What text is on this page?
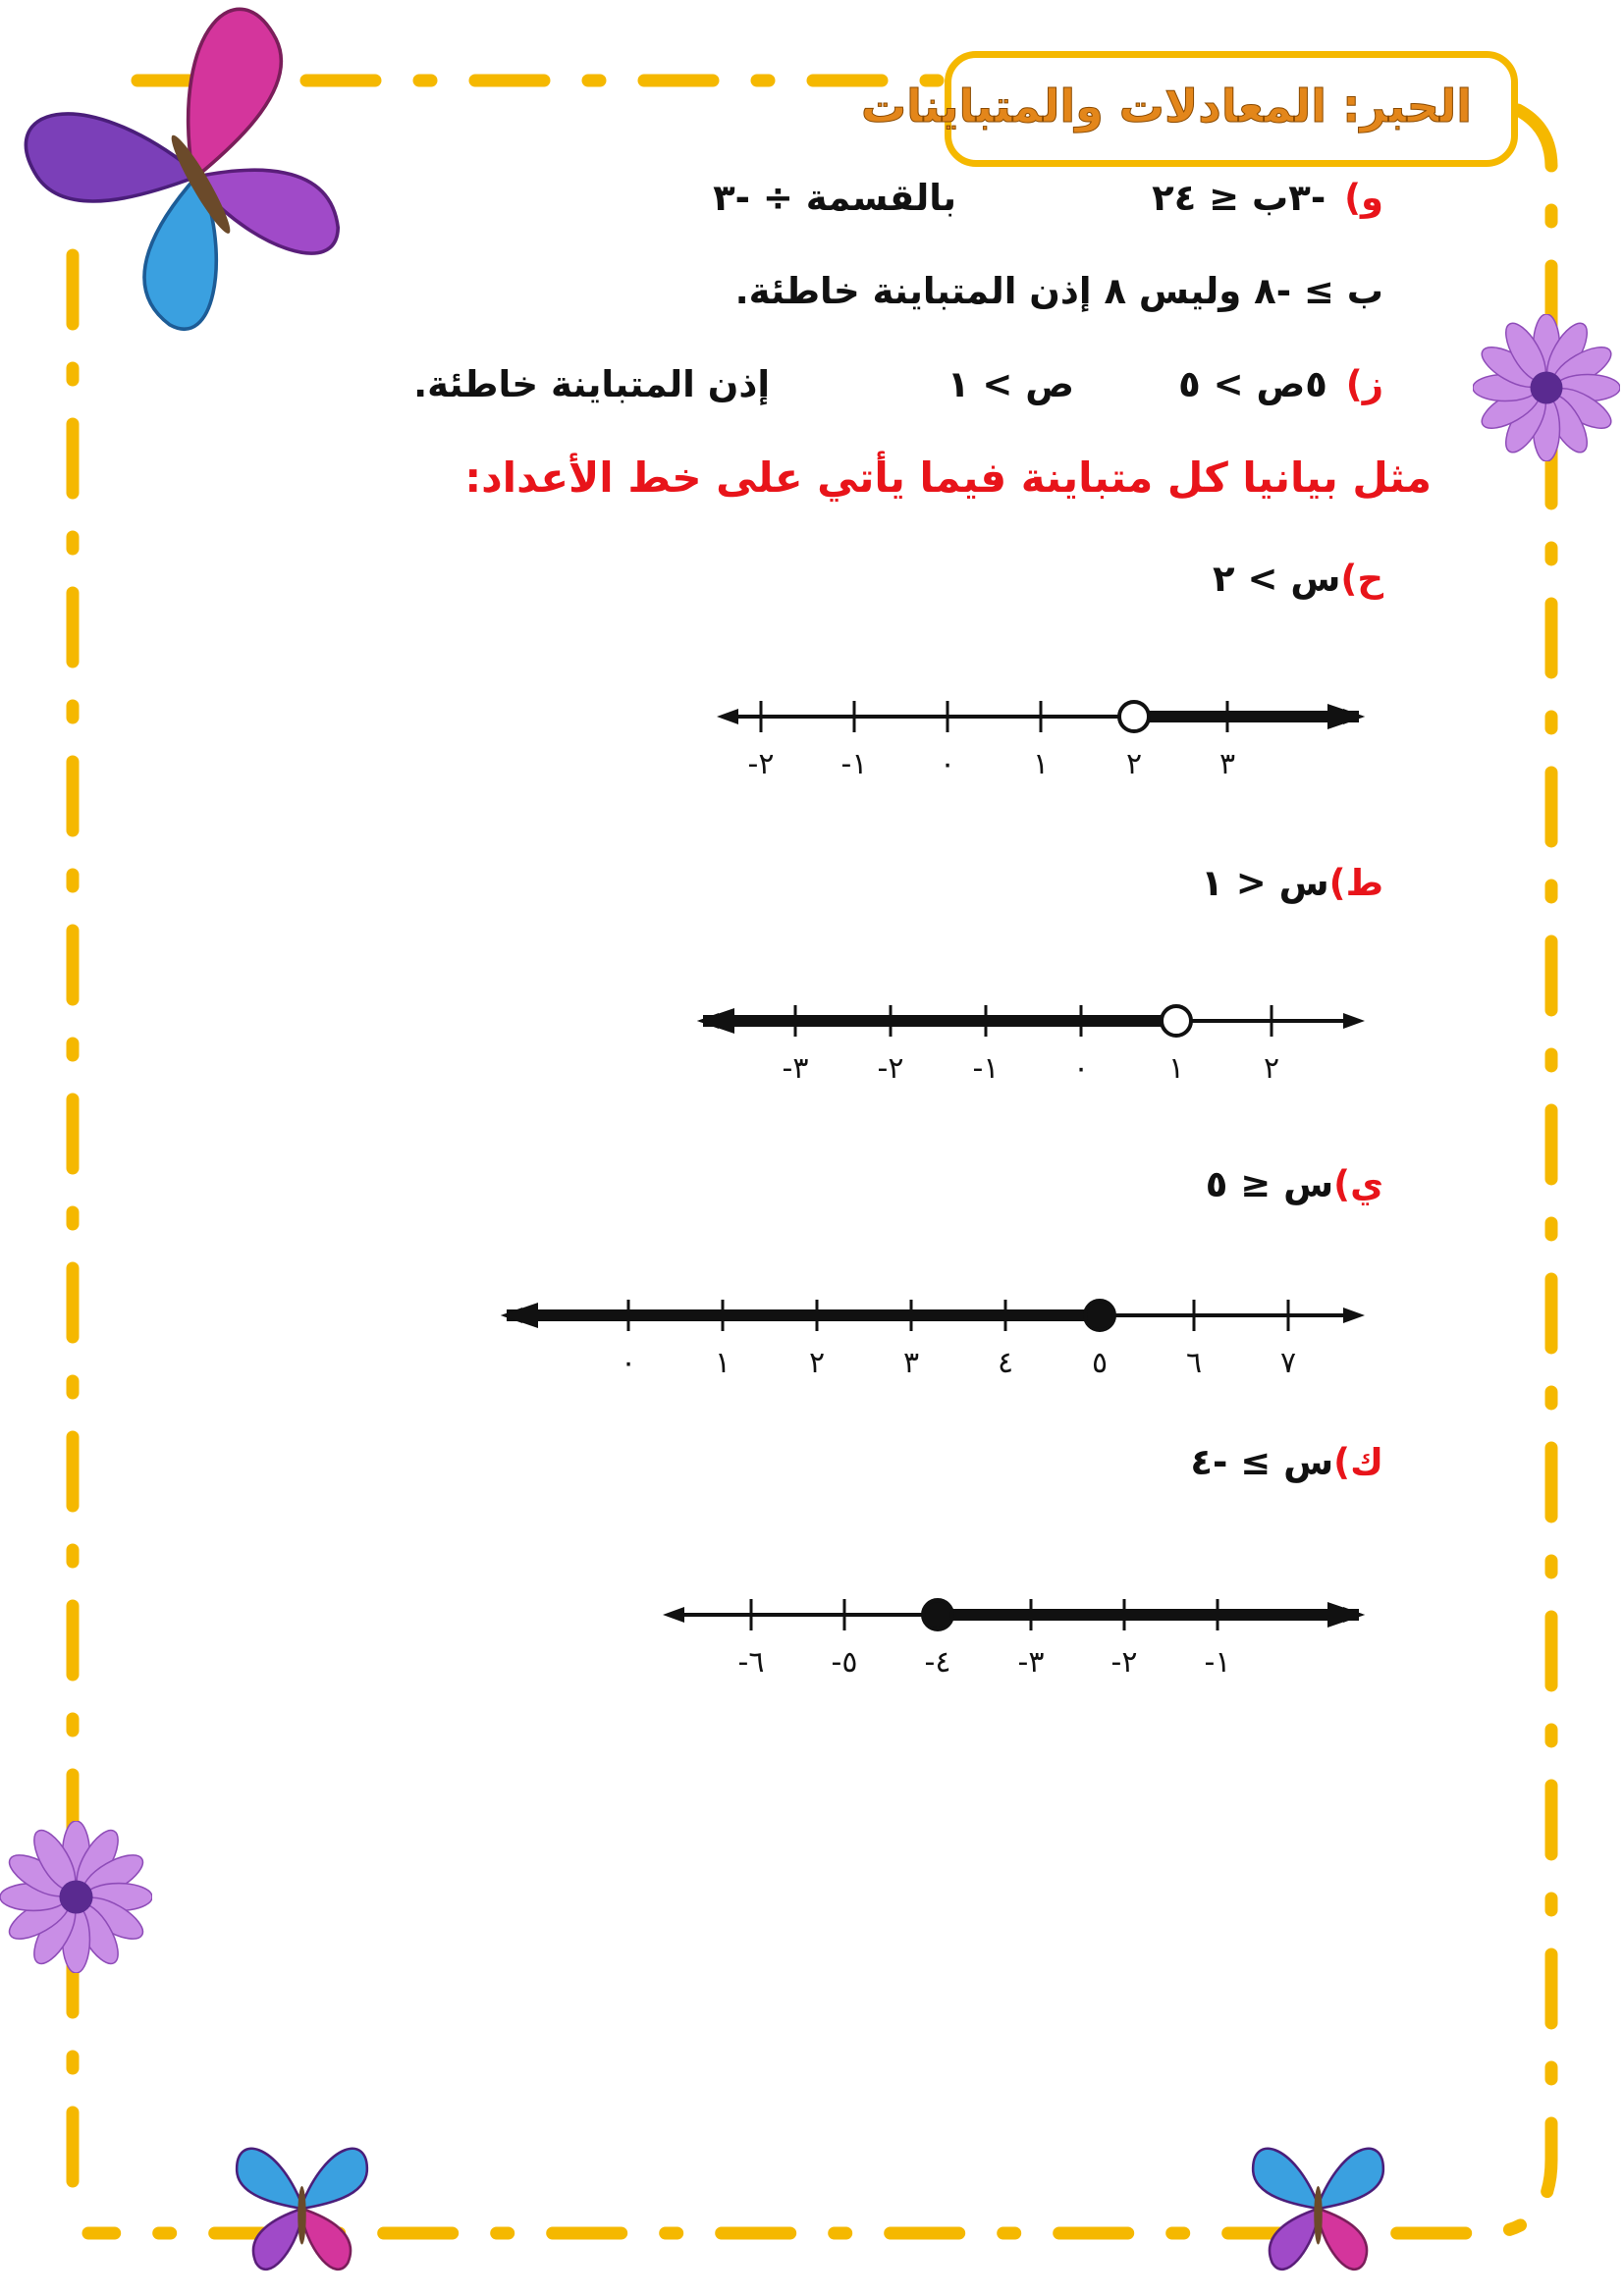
الحبر: المعادلات والمتباينات
و) -٣ب ≤ ٢٤
بالقسمة ÷ -٣
ب ≥ -٨ وليس ٨ إذن المتباينة خاطئة.
ز) ٥ص > ٥
ص > ١
إذن المتباينة خاطئة.
مثل بيانيا كل متباينة فيما يأتي على خط الأعداد:
ح)س > ٢
ط)س < ١
ي)س ≤ ٥
ك)س ≥ -٤
-٢ -١ ٠	١	٢	٣
-٣ -٢ -١	٠	١	٢
٠	١	٢	٣	٤	٥	٦	٧
-٦ -٥ -٤ -٣ -٢ -١
